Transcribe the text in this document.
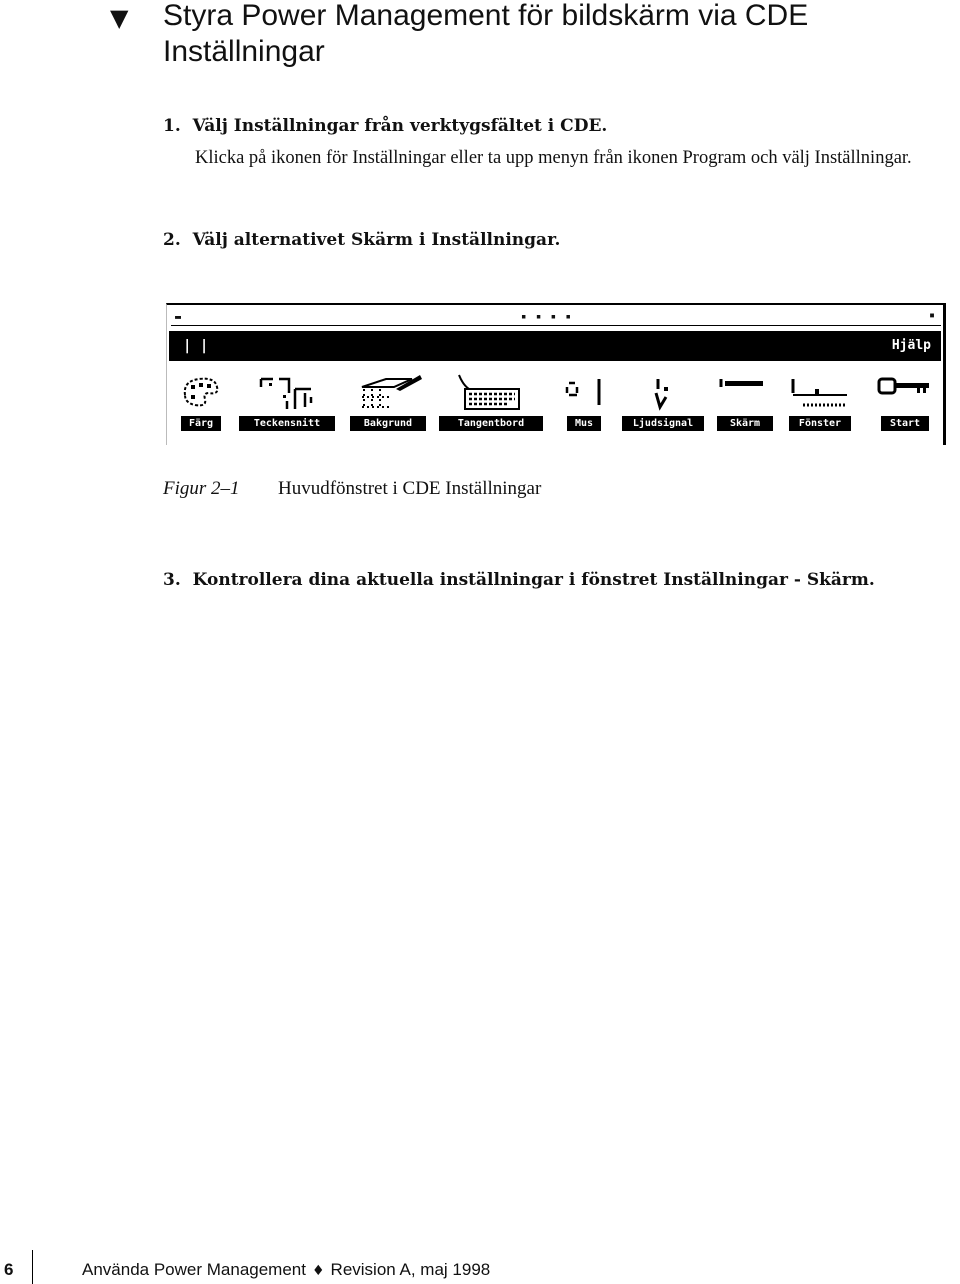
▼ Styra Power Management för bildskärm via CDE Inställningar
1. Välj Inställningar från verktygsfältet i CDE.
Klicka på ikonen för Inställningar eller ta upp menyn från ikonen Program och välj Inställningar.
2. Välj alternativet Skärm i Inställningar.
▬	▪ ▪ ▪ ▪	▪
| |	Hjälp
Färg	Teckensnitt	Bakgrund	Tangentbord	Mus	Ljudsignal	Skärm	Fönster	Start
Figur 2–1 Huvudfönstret i CDE Inställningar
3. Kontrollera dina aktuella inställningar i fönstret Inställningar - Skärm.
6	Använda Power Management ♦ Revision A, maj 1998
